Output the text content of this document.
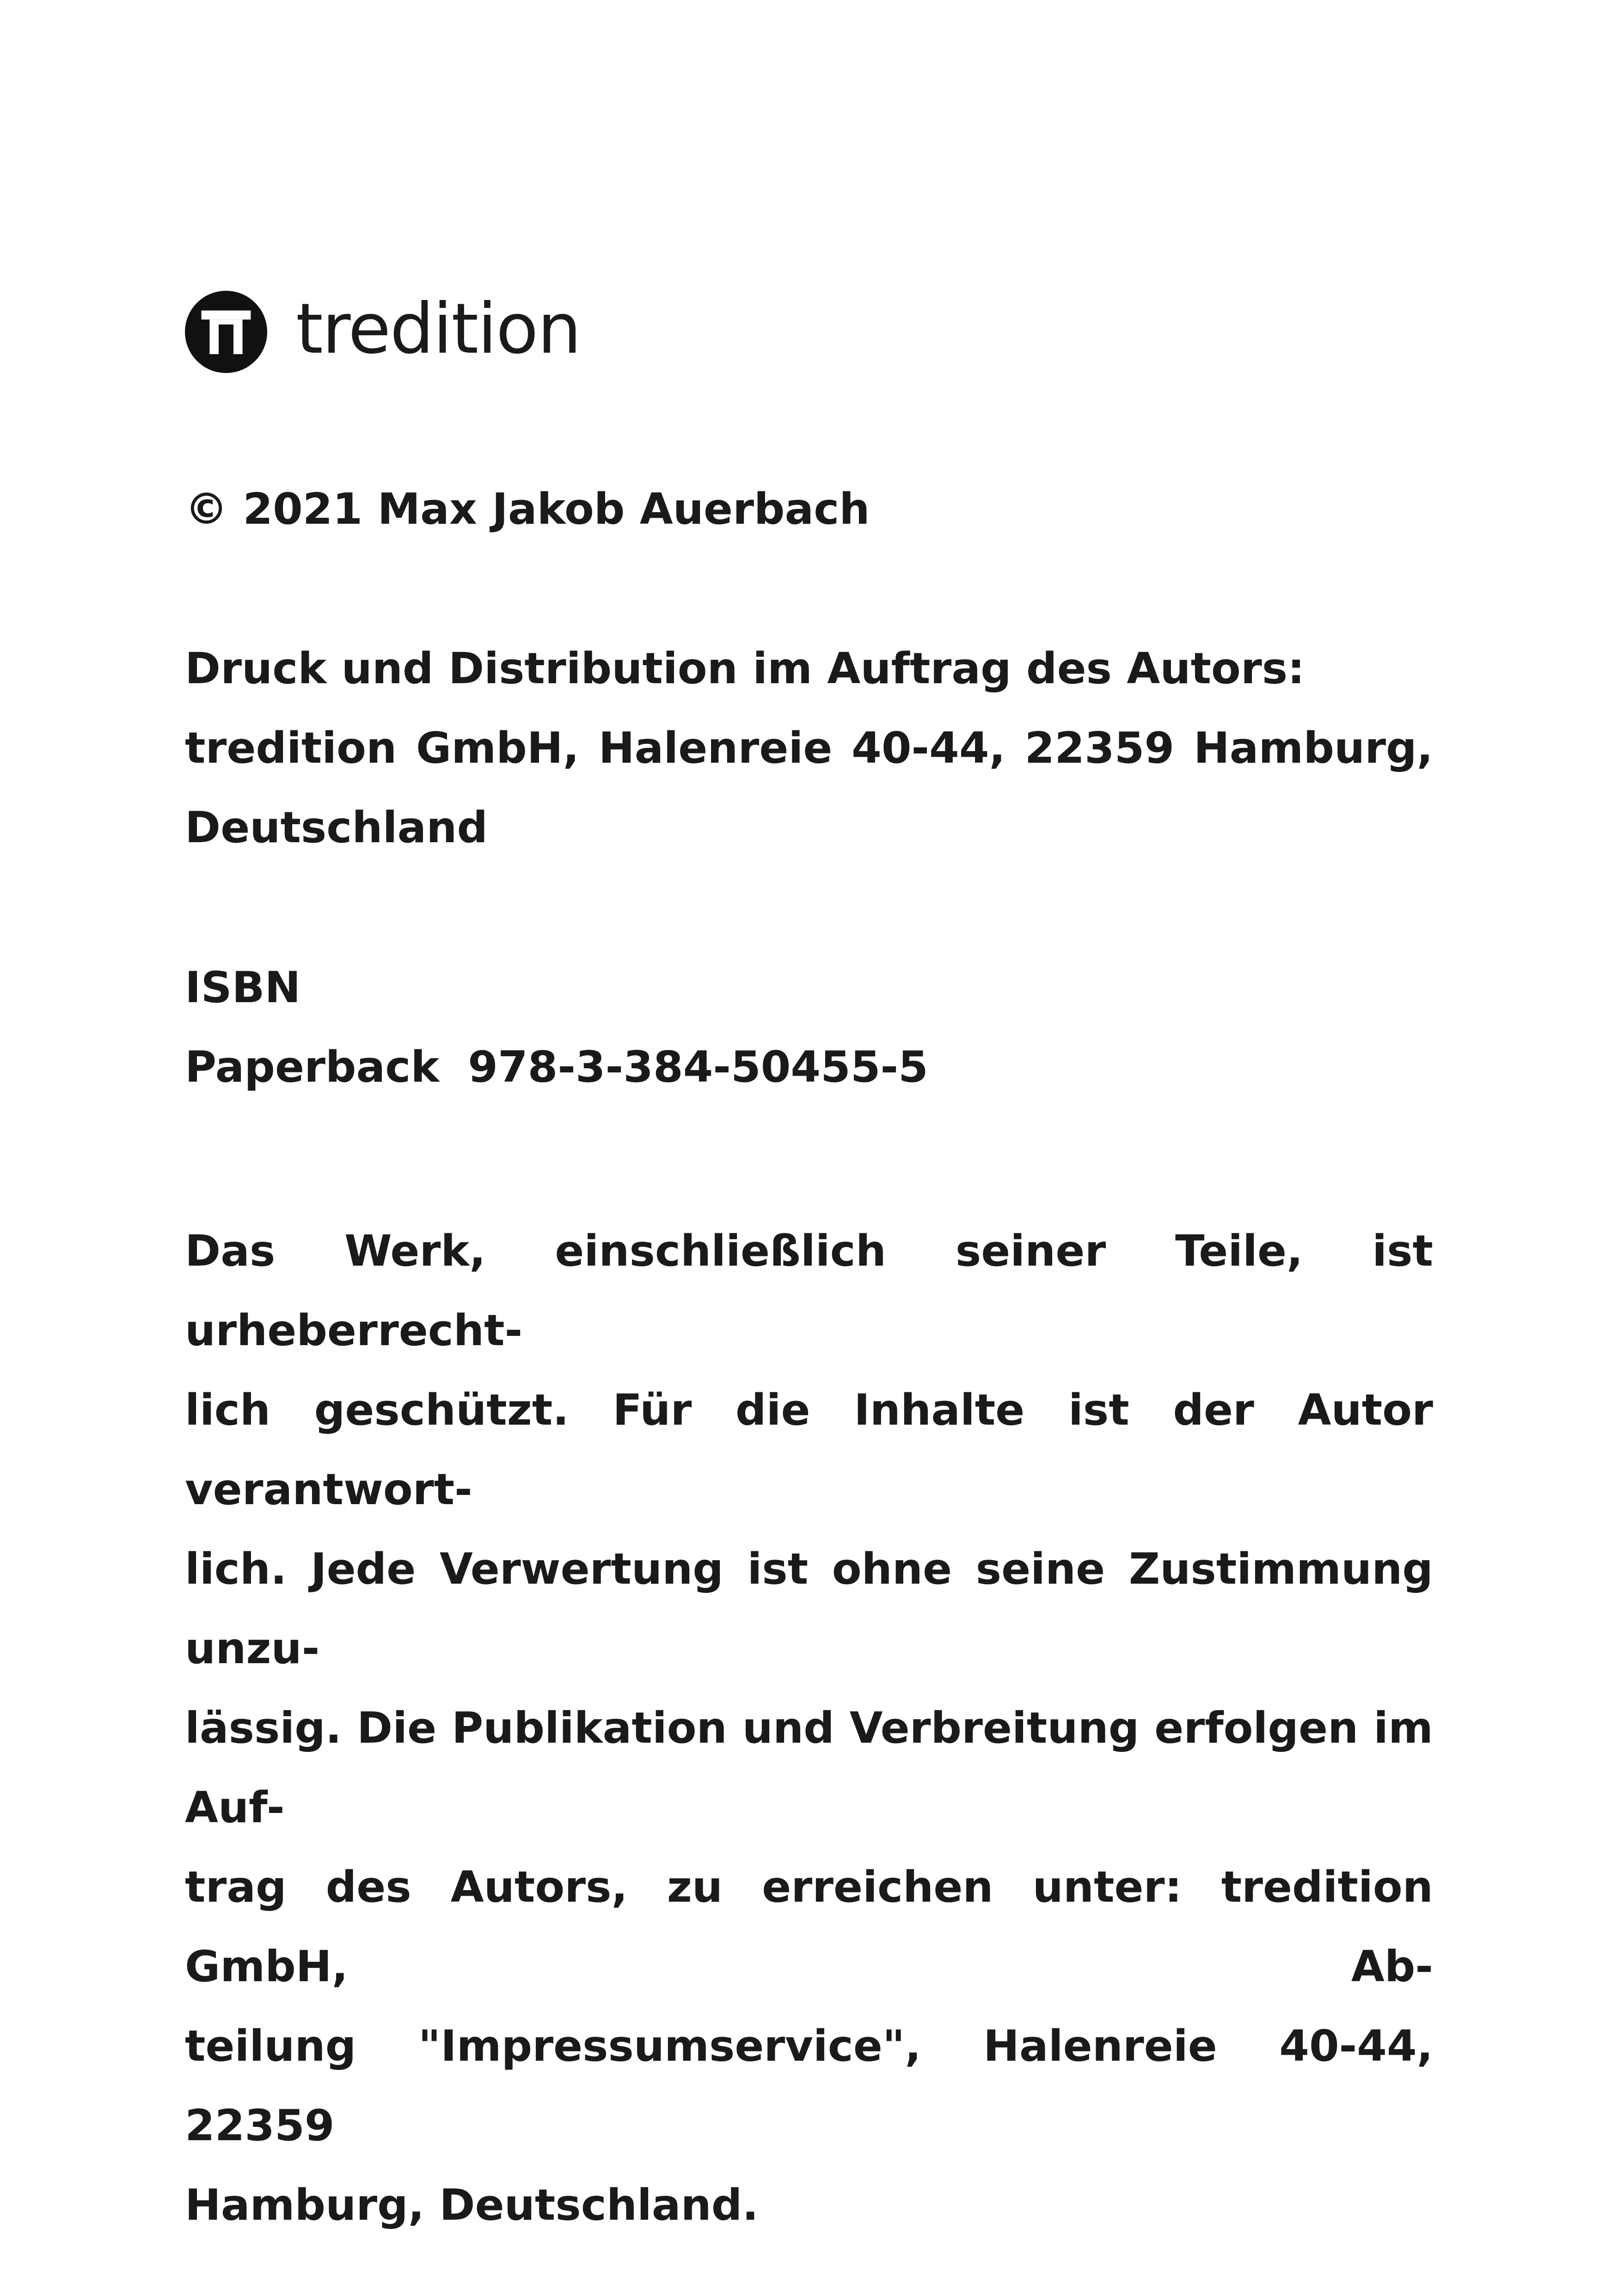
tredition
© 2021 Max Jakob Auerbach
Druck und Distribution im Auftrag des Autors:
tredition GmbH, Halenreie 40-44, 22359 Hamburg,
Deutschland
ISBN
Paperback 978-3-384-50455-5
Das Werk, einschließlich seiner Teile, ist urheberrecht-
lich geschützt. Für die Inhalte ist der Autor verantwort-
lich. Jede Verwertung ist ohne seine Zustimmung unzu-
lässig. Die Publikation und Verbreitung erfolgen im Auf-
trag des Autors, zu erreichen unter: tredition GmbH, Ab-
teilung "Impressumservice", Halenreie 40-44, 22359
Hamburg, Deutschland.
